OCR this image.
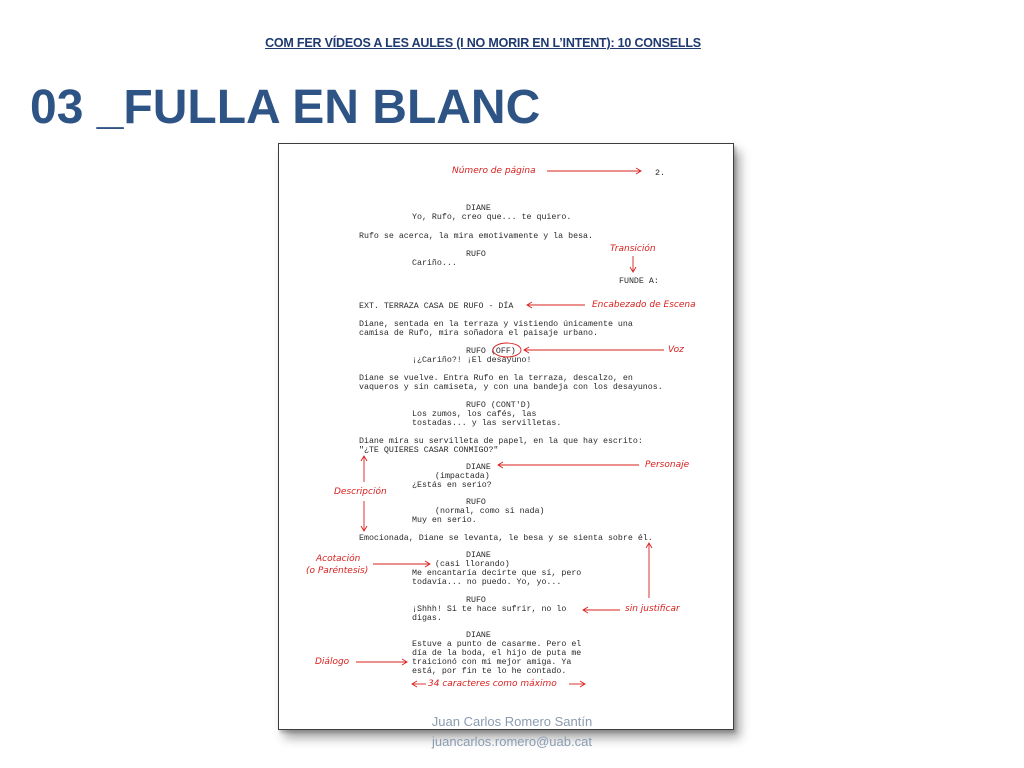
COM FER VÍDEOS A LES AULES (I NO MORIR EN L’INTENT): 10 CONSELLS
03 _FULLA EN BLANC
2.
DIANE
Yo, Rufo, creo que... te quiero.
Rufo se acerca, la mira emotivamente y la besa.
RUFO
Cariño...
FUNDE A:
EXT. TERRAZA CASA DE RUFO - DÍA
Diane, sentada en la terraza y vistiendo únicamente una
camisa de Rufo, mira soñadora el paisaje urbano.
RUFO (OFF)
¡¿Cariño?! ¡El desayuno!
Diane se vuelve. Entra Rufo en la terraza, descalzo, en
vaqueros y sin camiseta, y con una bandeja con los desayunos.
RUFO (CONT'D)
Los zumos, los cafés, las
tostadas... y las servilletas.
Diane mira su servilleta de papel, en la que hay escrito:
"¿TE QUIERES CASAR CONMIGO?"
DIANE
(impactada)
¿Estás en serio?
RUFO
(normal, como si nada)
Muy en serio.
Emocionada, Diane se levanta, le besa y se sienta sobre él.
DIANE
(casi llorando)
Me encantaría decirte que sí, pero
todavía... no puedo. Yo, yo...
RUFO
¡Shhh! Si te hace sufrir, no lo
digas.
DIANE
Estuve a punto de casarme. Pero el
día de la boda, el hijo de puta me
traicionó con mi mejor amiga. Ya
está, por fin te lo he contado.
Número de página
Transición
Encabezado de Escena
Voz
Personaje
Descripción
Acotación
(o Paréntesis)
sin justificar
Diálogo
34 caracteres como máximo
Juan Carlos Romero Santín
juancarlos.romero@uab.cat
